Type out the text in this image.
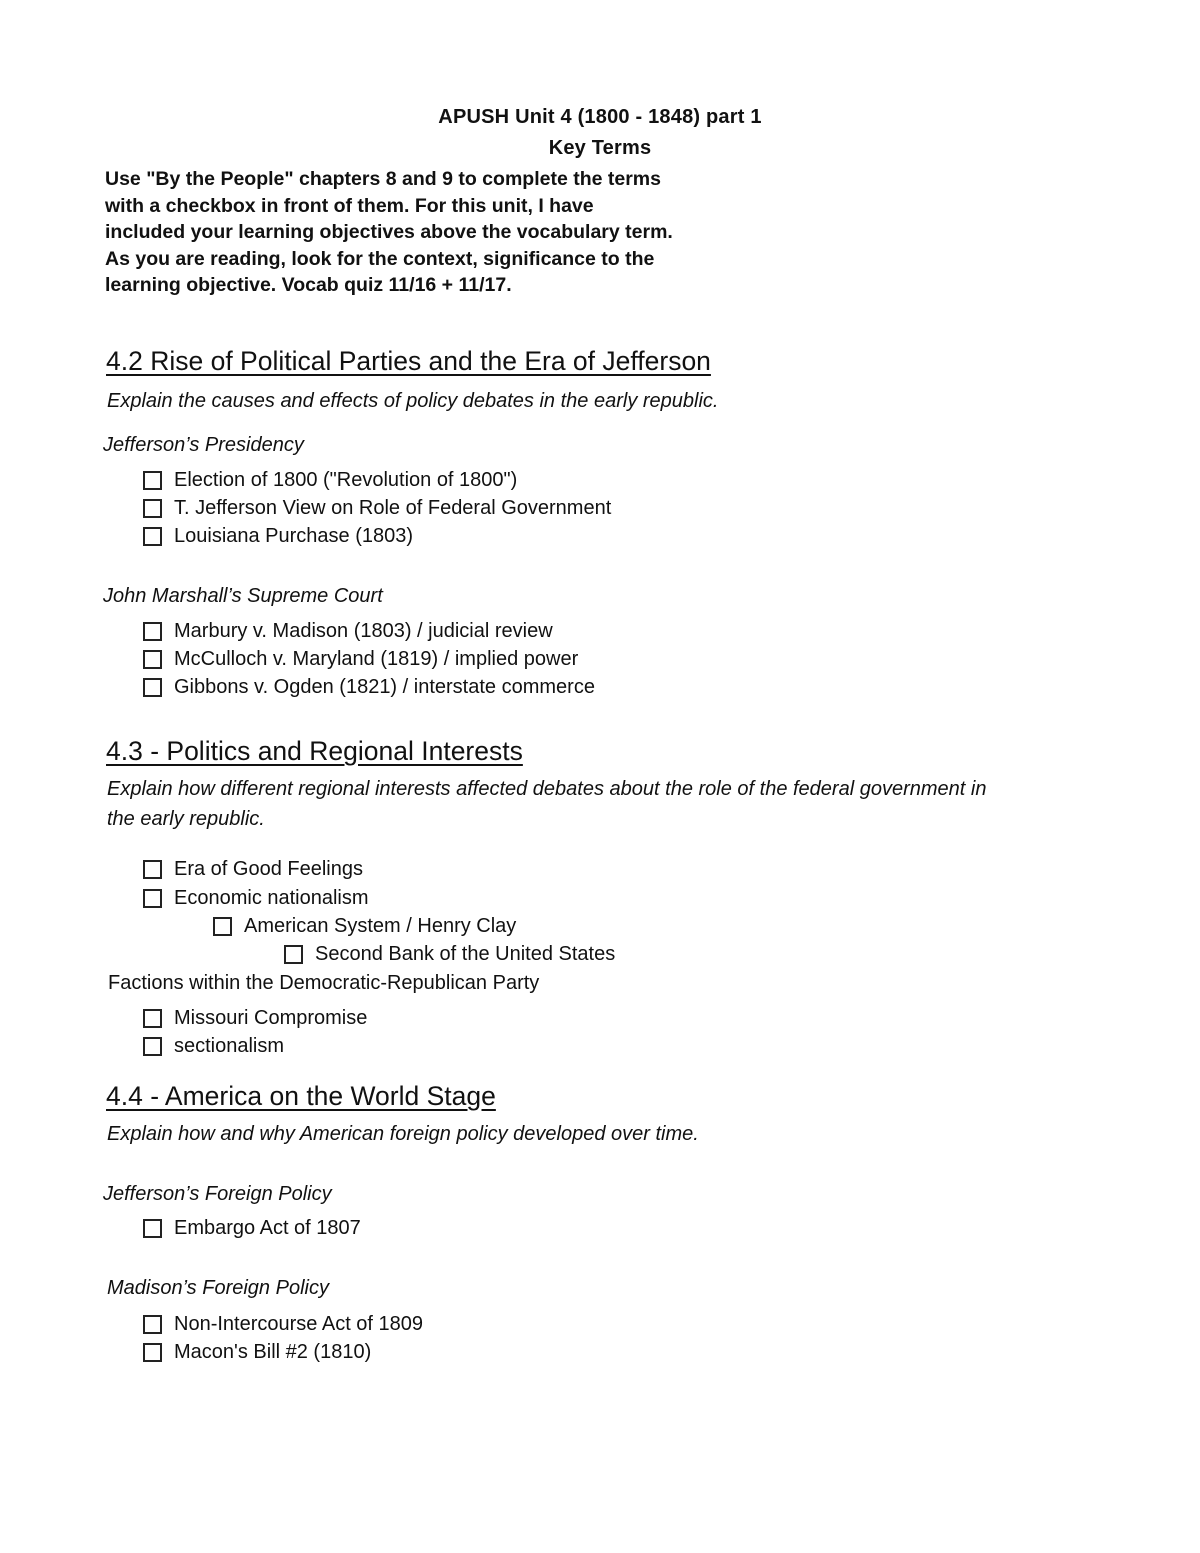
APUSH Unit 4 (1800 - 1848) part 1
Key Terms
Use "By the People" chapters 8 and 9 to complete the terms with a checkbox in front of them. For this unit, I have included your learning objectives above the vocabulary term. As you are reading, look for the context, significance to the learning objective. Vocab quiz 11/16 + 11/17.
4.2 Rise of Political Parties and the Era of Jefferson
Explain the causes and effects of policy debates in the early republic.
Jefferson’s Presidency
Election of 1800 ("Revolution of 1800")
T. Jefferson View on Role of Federal Government
Louisiana Purchase (1803)
John Marshall’s Supreme Court
Marbury v. Madison (1803) / judicial review
McCulloch v. Maryland (1819) / implied power
Gibbons v. Ogden (1821) / interstate commerce
4.3 - Politics and Regional Interests
Explain how different regional interests affected debates about the role of the federal government in the early republic.
Era of Good Feelings
Economic nationalism
American System / Henry Clay
Second Bank of the United States
Factions within the Democratic-Republican Party
Missouri Compromise
sectionalism
4.4 - America on the World Stage
Explain how and why American foreign policy developed over time.
Jefferson’s Foreign Policy
Embargo Act of 1807
Madison’s Foreign Policy
Non-Intercourse Act of 1809
Macon's Bill #2 (1810)
